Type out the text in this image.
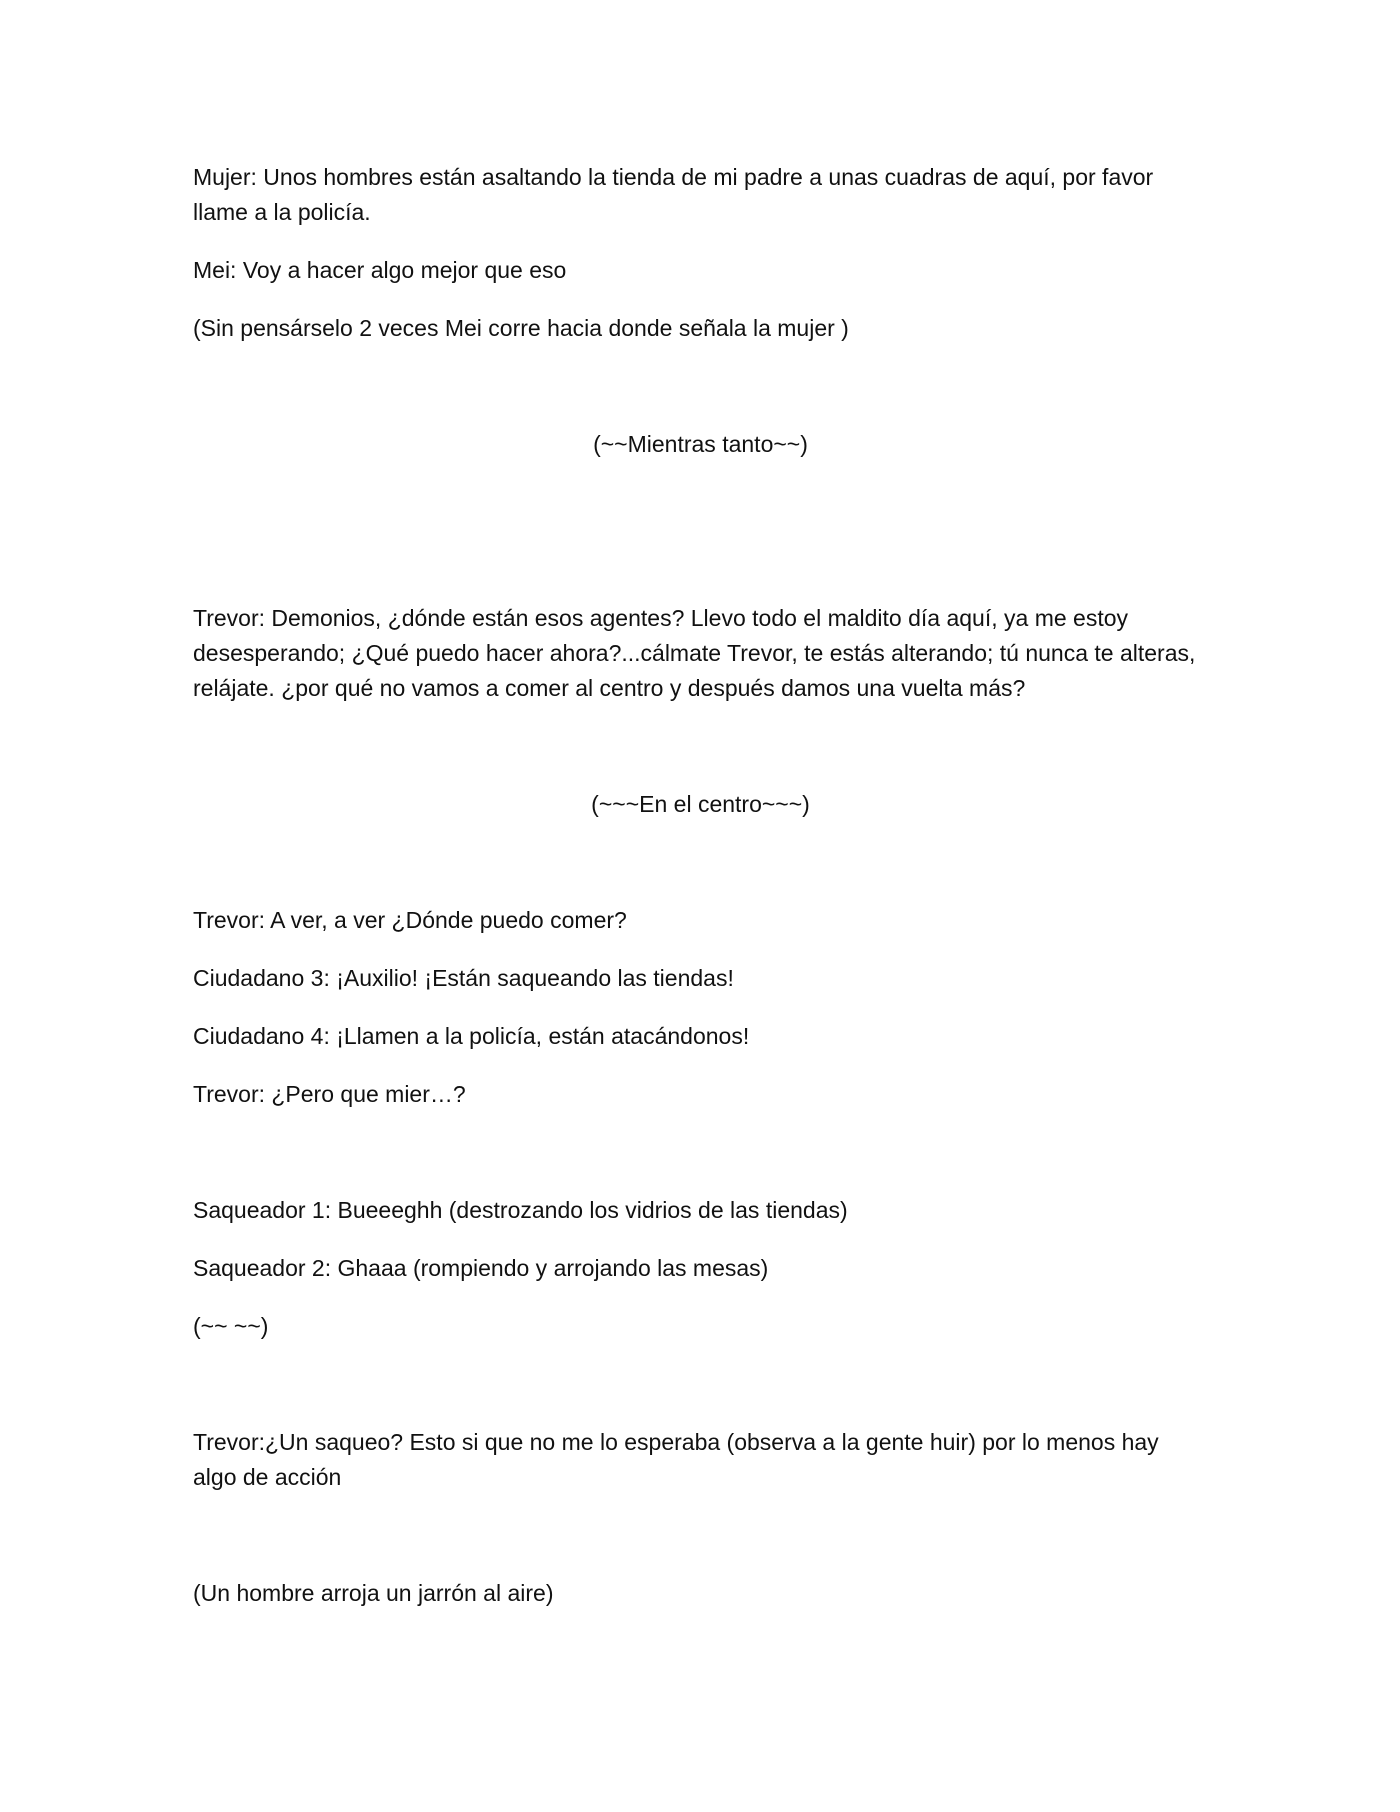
Mujer: Unos hombres están asaltando la tienda de mi padre a unas cuadras de aquí, por favor llame a la policía.

Mei: Voy a hacer algo mejor que eso

(Sin pensárselo 2 veces Mei corre hacia donde señala la mujer )

(~~Mientras tanto~~)

Trevor: Demonios, ¿dónde están esos agentes? Llevo todo el maldito día aquí, ya me estoy desesperando; ¿Qué puedo hacer ahora?...cálmate Trevor, te estás alterando; tú nunca te alteras, relájate. ¿por qué no vamos a comer al centro y después damos una vuelta más?

(~~~En el centro~~~)

Trevor: A ver, a ver ¿Dónde puedo comer?

Ciudadano 3: ¡Auxilio! ¡Están saqueando las tiendas!

Ciudadano 4: ¡Llamen a la policía, están atacándonos!

Trevor: ¿Pero que mier…?

Saqueador 1: Bueeeghh (destrozando los vidrios de las tiendas)

Saqueador 2: Ghaaa (rompiendo y arrojando las mesas)

(~~ ~~)

Trevor:¿Un saqueo? Esto si que no me lo esperaba (observa a la gente huir) por lo menos hay algo de acción

(Un hombre arroja un jarrón al aire)
